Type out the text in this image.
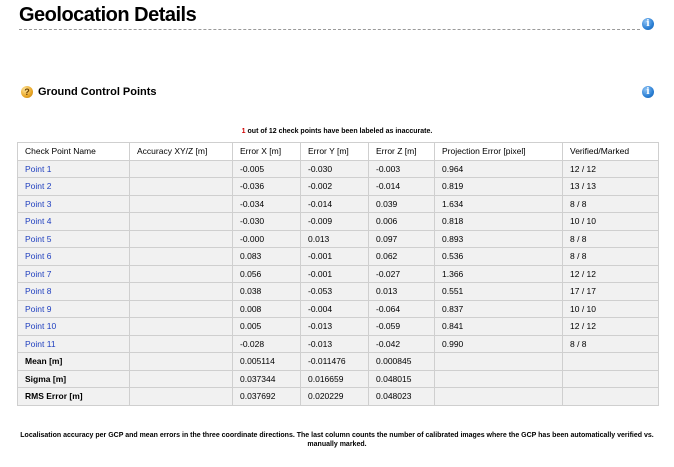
Geolocation Details	i
? Ground Control Points	i
1 out of 12 check points have been labeled as inaccurate.
Check Point Name	Accuracy XY/Z [m]	Error X [m]	Error Y [m]	Error Z [m]	Projection Error [pixel]	Verified/Marked
Point 1		-0.005	-0.030	-0.003	0.964	12 / 12
Point 2		-0.036	-0.002	-0.014	0.819	13 / 13
Point 3		-0.034	-0.014	0.039	1.634	8 / 8
Point 4		-0.030	-0.009	0.006	0.818	10 / 10
Point 5		-0.000	0.013	0.097	0.893	8 / 8
Point 6		0.083	-0.001	0.062	0.536	8 / 8
Point 7		0.056	-0.001	-0.027	1.366	12 / 12
Point 8		0.038	-0.053	0.013	0.551	17 / 17
Point 9		0.008	-0.004	-0.064	0.837	10 / 10
Point 10		0.005	-0.013	-0.059	0.841	12 / 12
Point 11		-0.028	-0.013	-0.042	0.990	8 / 8
Mean [m]		0.005114	-0.011476	0.000845		
Sigma [m]		0.037344	0.016659	0.048015		
RMS Error [m]		0.037692	0.020229	0.048023		
Localisation accuracy per GCP and mean errors in the three coordinate directions. The last column counts the number of calibrated images where the GCP has been automatically verified vs. manually marked.
